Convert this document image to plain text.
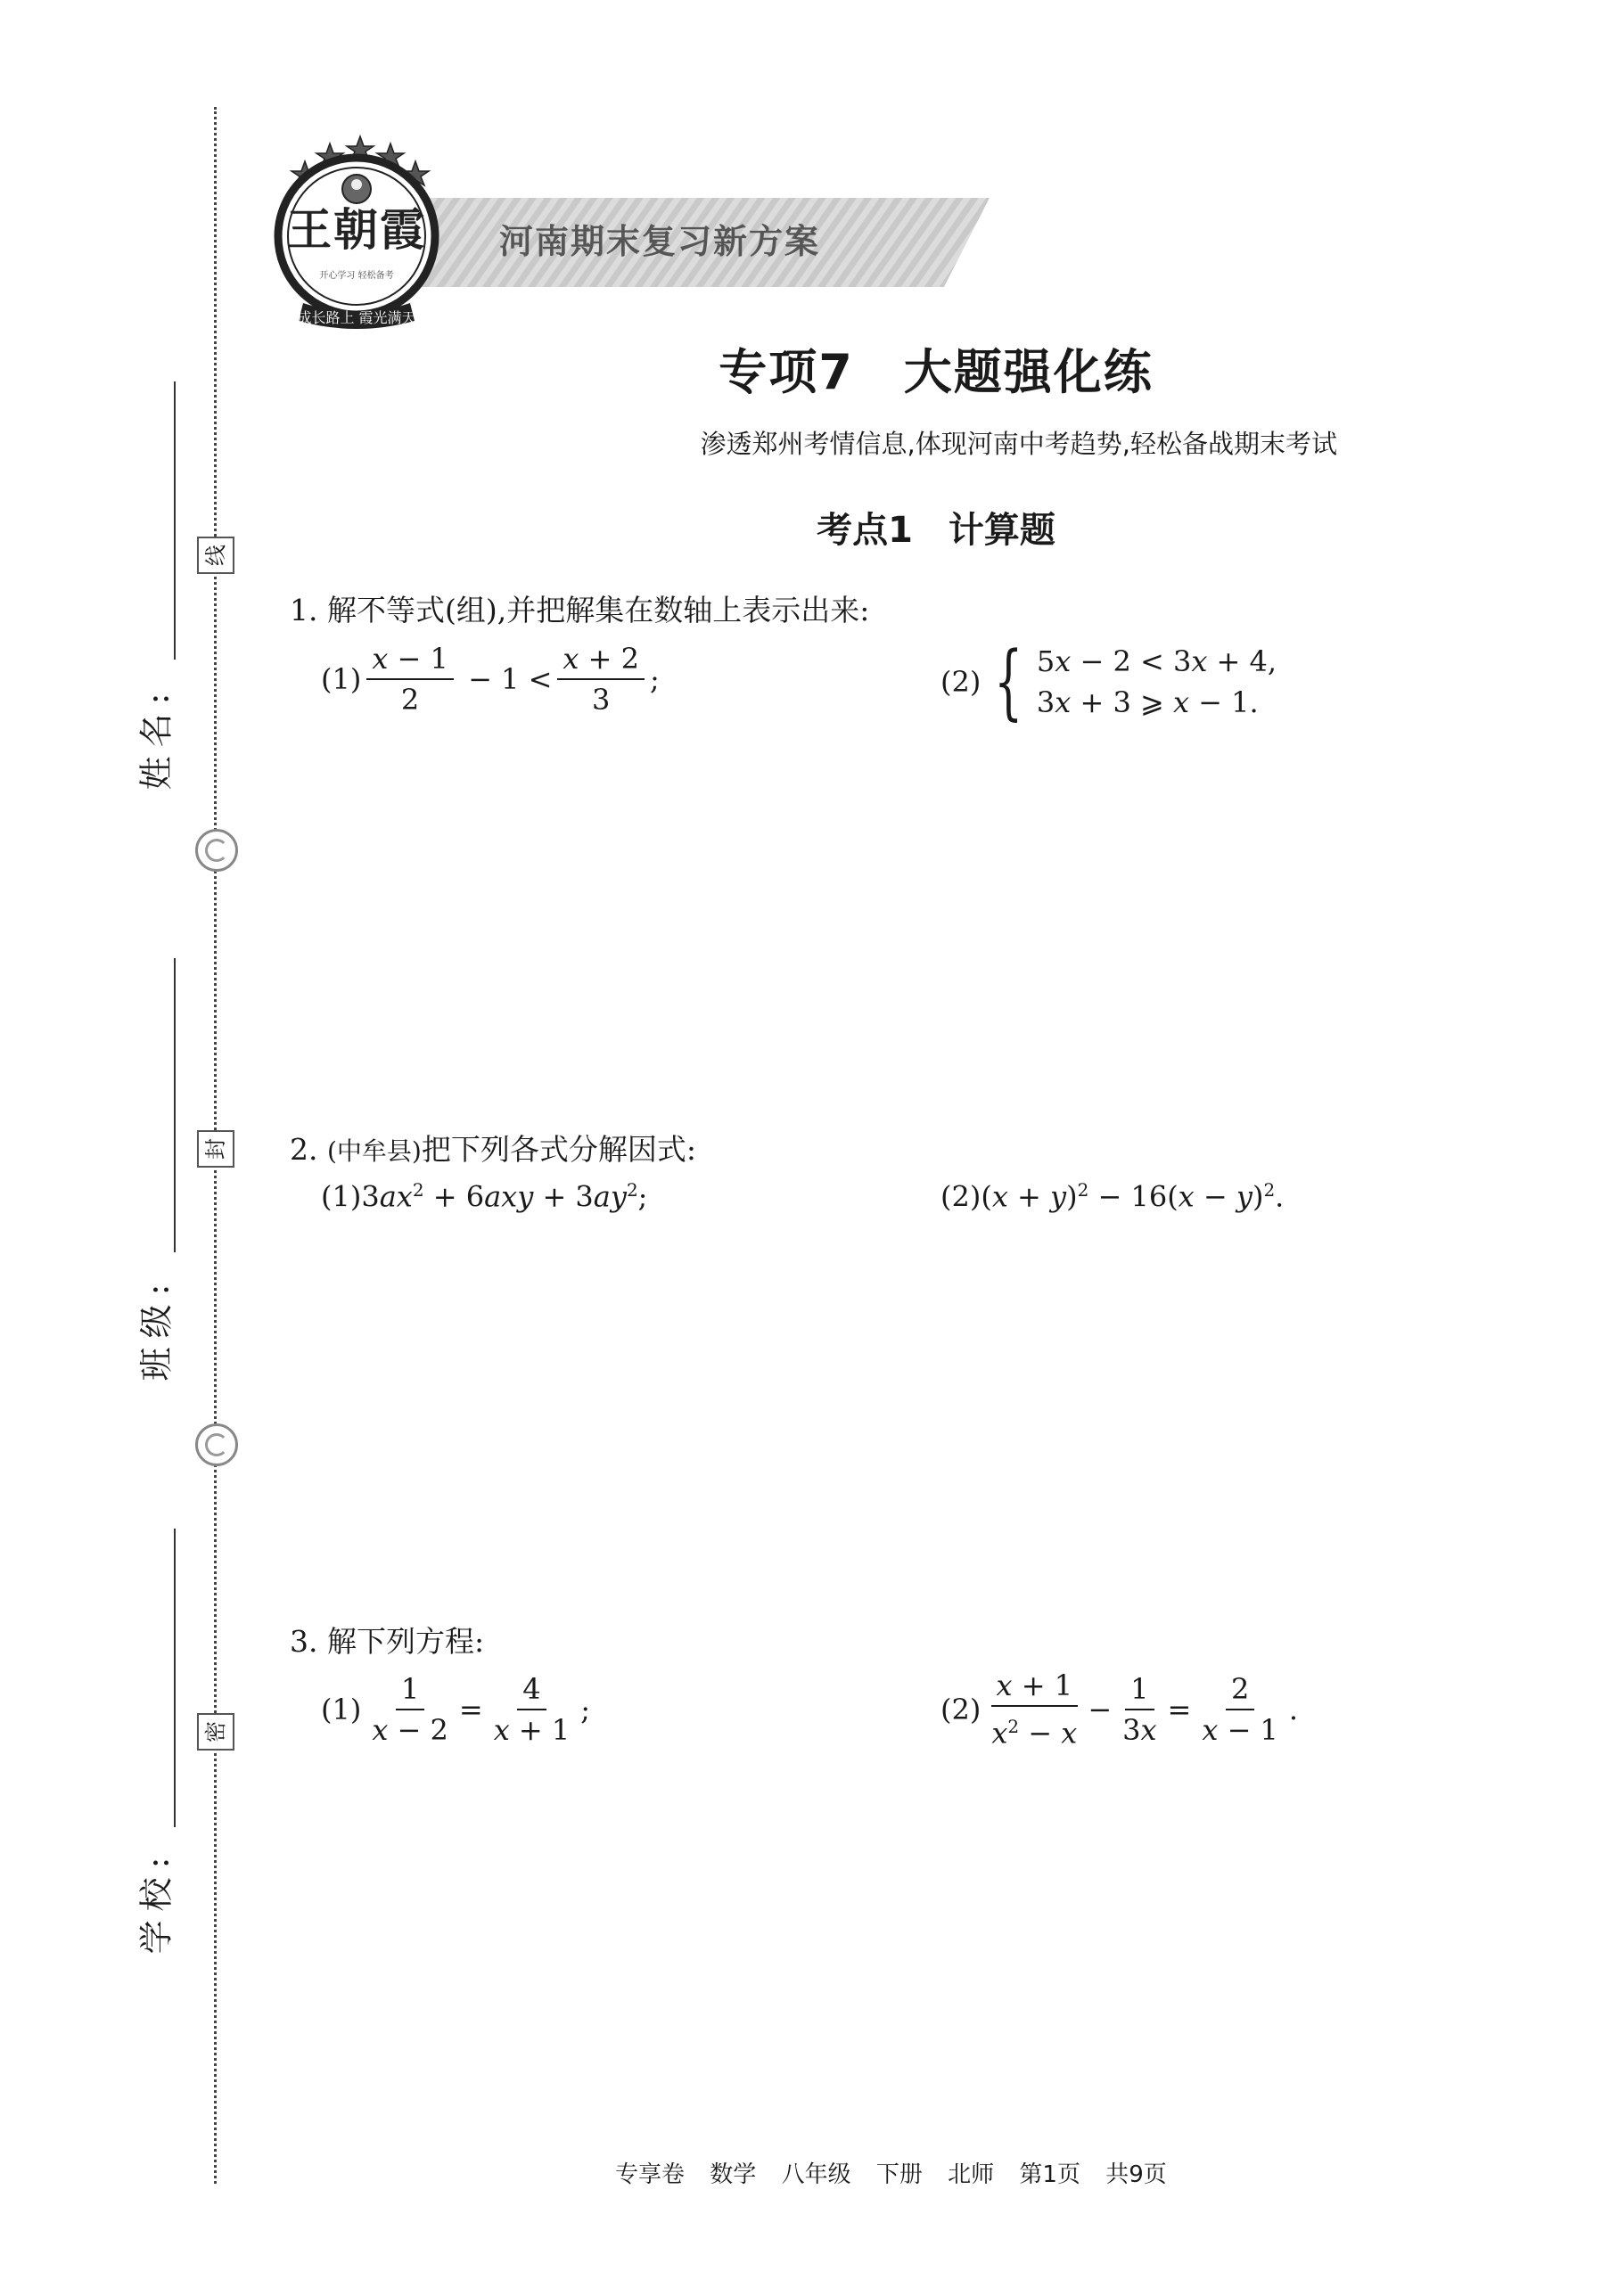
线
封
密
姓名:
班级:
学校:
河南期末复习新方案
成长路上 霞光满天
开心学习 轻松备考
王朝霞
专项7　大题强化练
渗透郑州考情信息,体现河南中考趋势,轻松备战期末考试
考点1　计算题
1. 解不等式(组),并把解集在数轴上表示出来:
$(1) \frac{x - 1}{2} - 1 < \frac{x + 2}{3}$ ;	(2) { 5x − 2 < 3x + 4,
3x + 3 ⩾ x − 1.
2. (中牟县)把下列各式分解因式:
$(1)3ax^2 + 6axy + 3ay^2$;	$(2)(x + y)^2 - 16(x - y)^2$.
3. 解下列方程:
$(1) \frac{1}{x - 2} = \frac{4}{x + 1}$ ;	$(2) \frac{x + 1}{x^2 - x} - \frac{1}{3x} = \frac{2}{x - 1}$ .
专享卷 数学 八年级 下册 北师 第1页 共9页
